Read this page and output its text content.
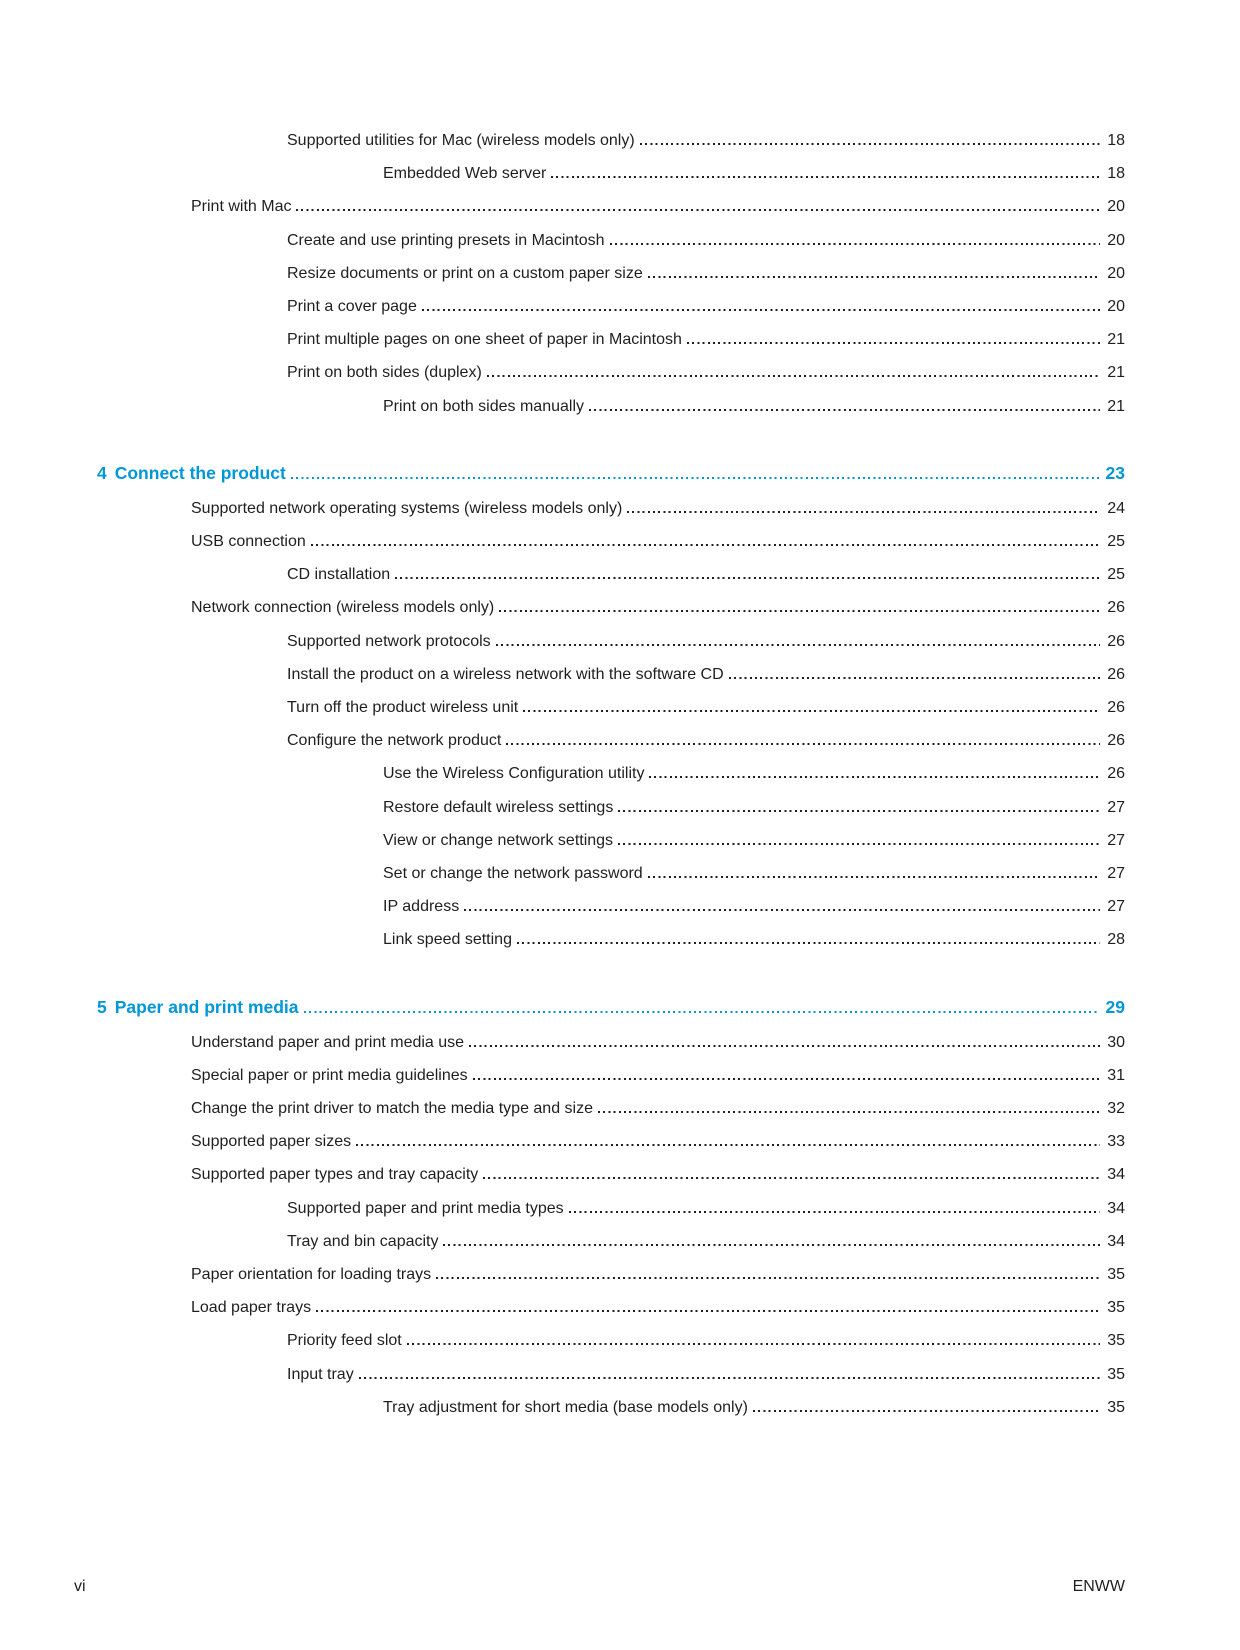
Supported utilities for Mac (wireless models only)	18
Embedded Web server	18
Print with Mac	20
Create and use printing presets in Macintosh	20
Resize documents or print on a custom paper size	20
Print a cover page	20
Print multiple pages on one sheet of paper in Macintosh	21
Print on both sides (duplex)	21
Print on both sides manually	21
4 Connect the product	23
Supported network operating systems (wireless models only)	24
USB connection	25
CD installation	25
Network connection (wireless models only)	26
Supported network protocols	26
Install the product on a wireless network with the software CD	26
Turn off the product wireless unit	26
Configure the network product	26
Use the Wireless Configuration utility	26
Restore default wireless settings	27
View or change network settings	27
Set or change the network password	27
IP address	27
Link speed setting	28
5 Paper and print media	29
Understand paper and print media use	30
Special paper or print media guidelines	31
Change the print driver to match the media type and size	32
Supported paper sizes	33
Supported paper types and tray capacity	34
Supported paper and print media types	34
Tray and bin capacity	34
Paper orientation for loading trays	35
Load paper trays	35
Priority feed slot	35
Input tray	35
Tray adjustment for short media (base models only)	35
vi	ENWW
